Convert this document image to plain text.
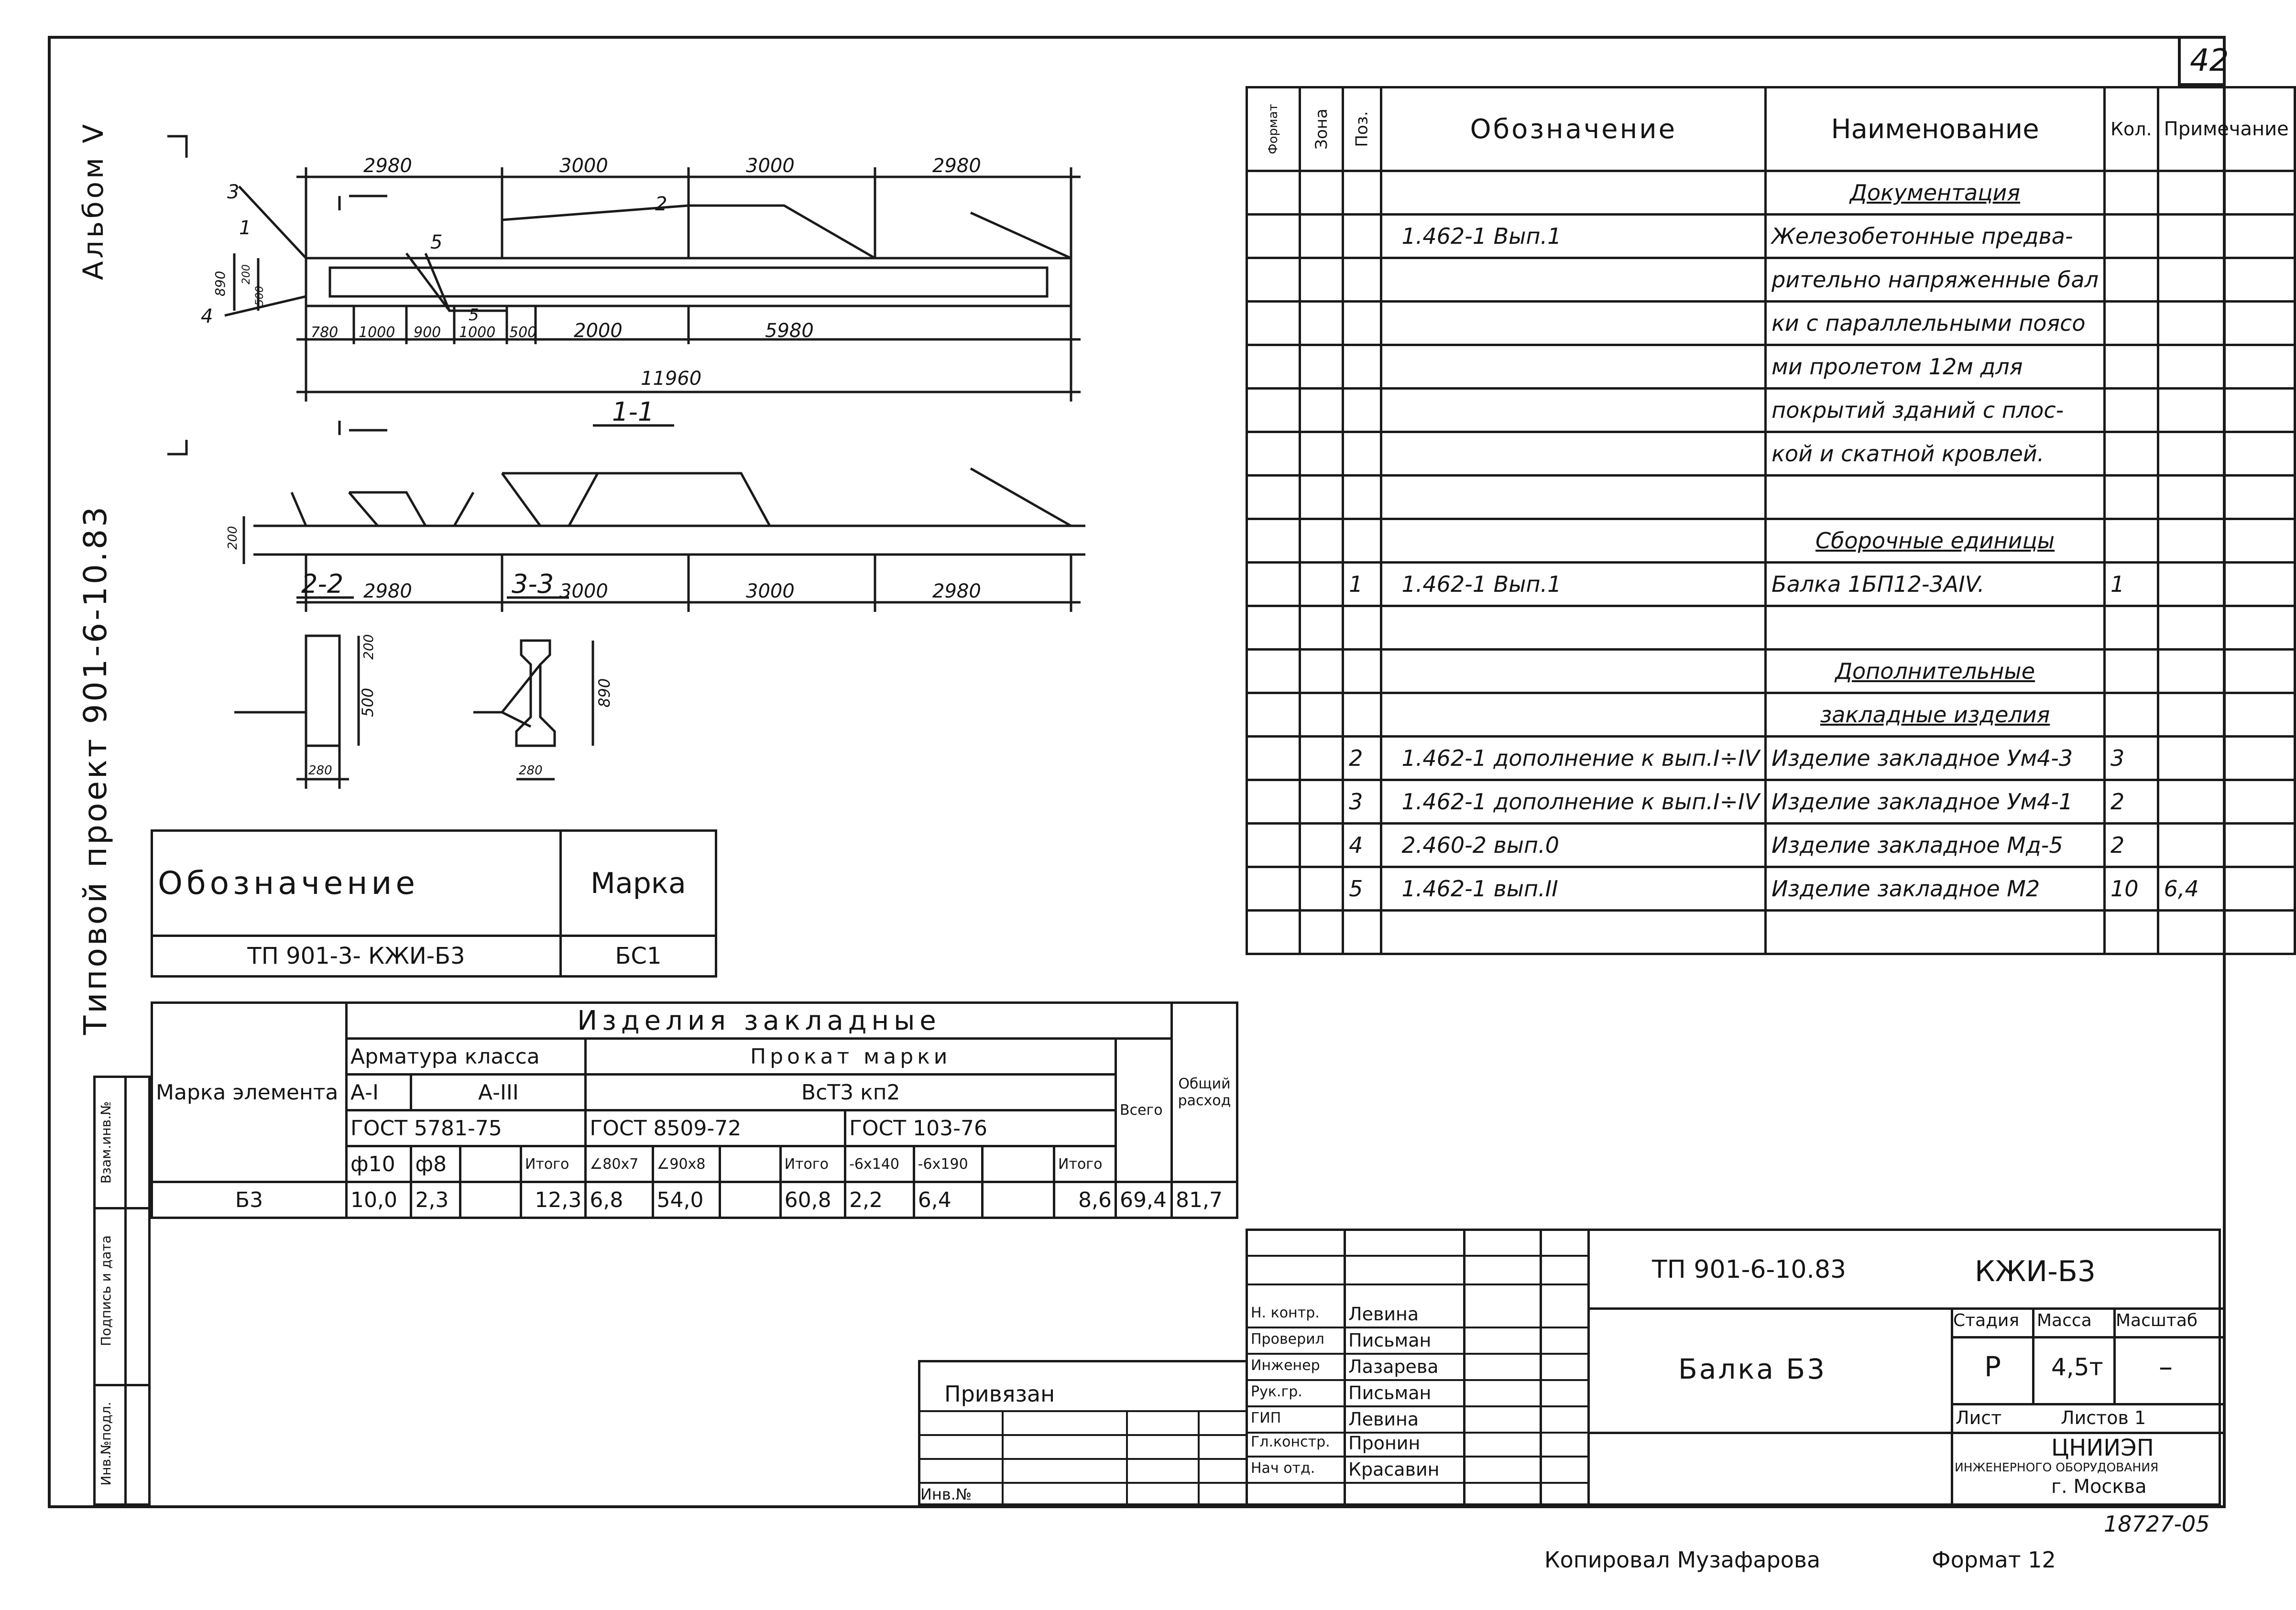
42
Альбом V
Типовой проект 901-6-10.83
Инв.№подл.
Подпись и дата
Взам.инв.№
2980	3000	3000	2980
780 1000 900 1000 500 2000	5980
5
11960
890 200
500
1-1
2980	3000	3000	2980
200
2-2
200
500
280
3-3
890
280
1
2
3
4
5
Обозначение	Марка
ТП 901-3- КЖИ-Б3	БС1
Марка элемента	Изделия закладные													Общий расход
	Арматура класса				Прокат марки								Всего	
	А-I	А-III			ВсТ3 кп2									
	ГОСТ 5781-75				ГОСТ 8509-72				ГОСТ 103-76					
	ф10	ф8		Итого	∠80х7	∠90х8		Итого	-6х140	-6х190		Итого		
Б3	10,0	2,3		12,3	6,8	54,0		60,8	2,2	6,4		8,6	69,4	81,7
Формат	Зона	Поз.	Обозначение	Наименование	Кол.	Примечание
				Документация		
			1.462-1 Вып.1	Железобетонные предва-		
				рительно напряженные бал		
				ки с параллельными поясо		
				ми пролетом 12м для		
				покрытий зданий с плос-		
				кой и скатной кровлей.		

				Сборочные единицы		
		1	1.462-1 Вып.1	Балка 1БП12-3АIV.	1	

				Дополнительные		
				закладные изделия		
		2	1.462-1 дополнение к вып.I÷IV	Изделие закладное Ум4-3	3	
		3	1.462-1 дополнение к вып.I÷IV	Изделие закладное Ум4-1	2	
		4	2.460-2 вып.0	Изделие закладное Мд-5	2	
		5	1.462-1 вып.II	Изделие закладное М2	10	6,4

ТП 901-6-10.83	КЖИ-Б3
Балка Б3
Стадия Масса Масштаб
Р 4,5т –
Лист	Листов 1
ЦНИИЭП
ИНЖЕНЕРНОГО ОБОРУДОВАНИЯ
г. Москва
Н. контр. Левина
Проверил Письман
Инженер Лазарева
Рук.гр.	Письман
ГИП	Левина
Гл.констр. Пронин
Нач отд. Красавин
Привязан
Инв.№
18727-05
Копировал Музафарова	Формат 12
